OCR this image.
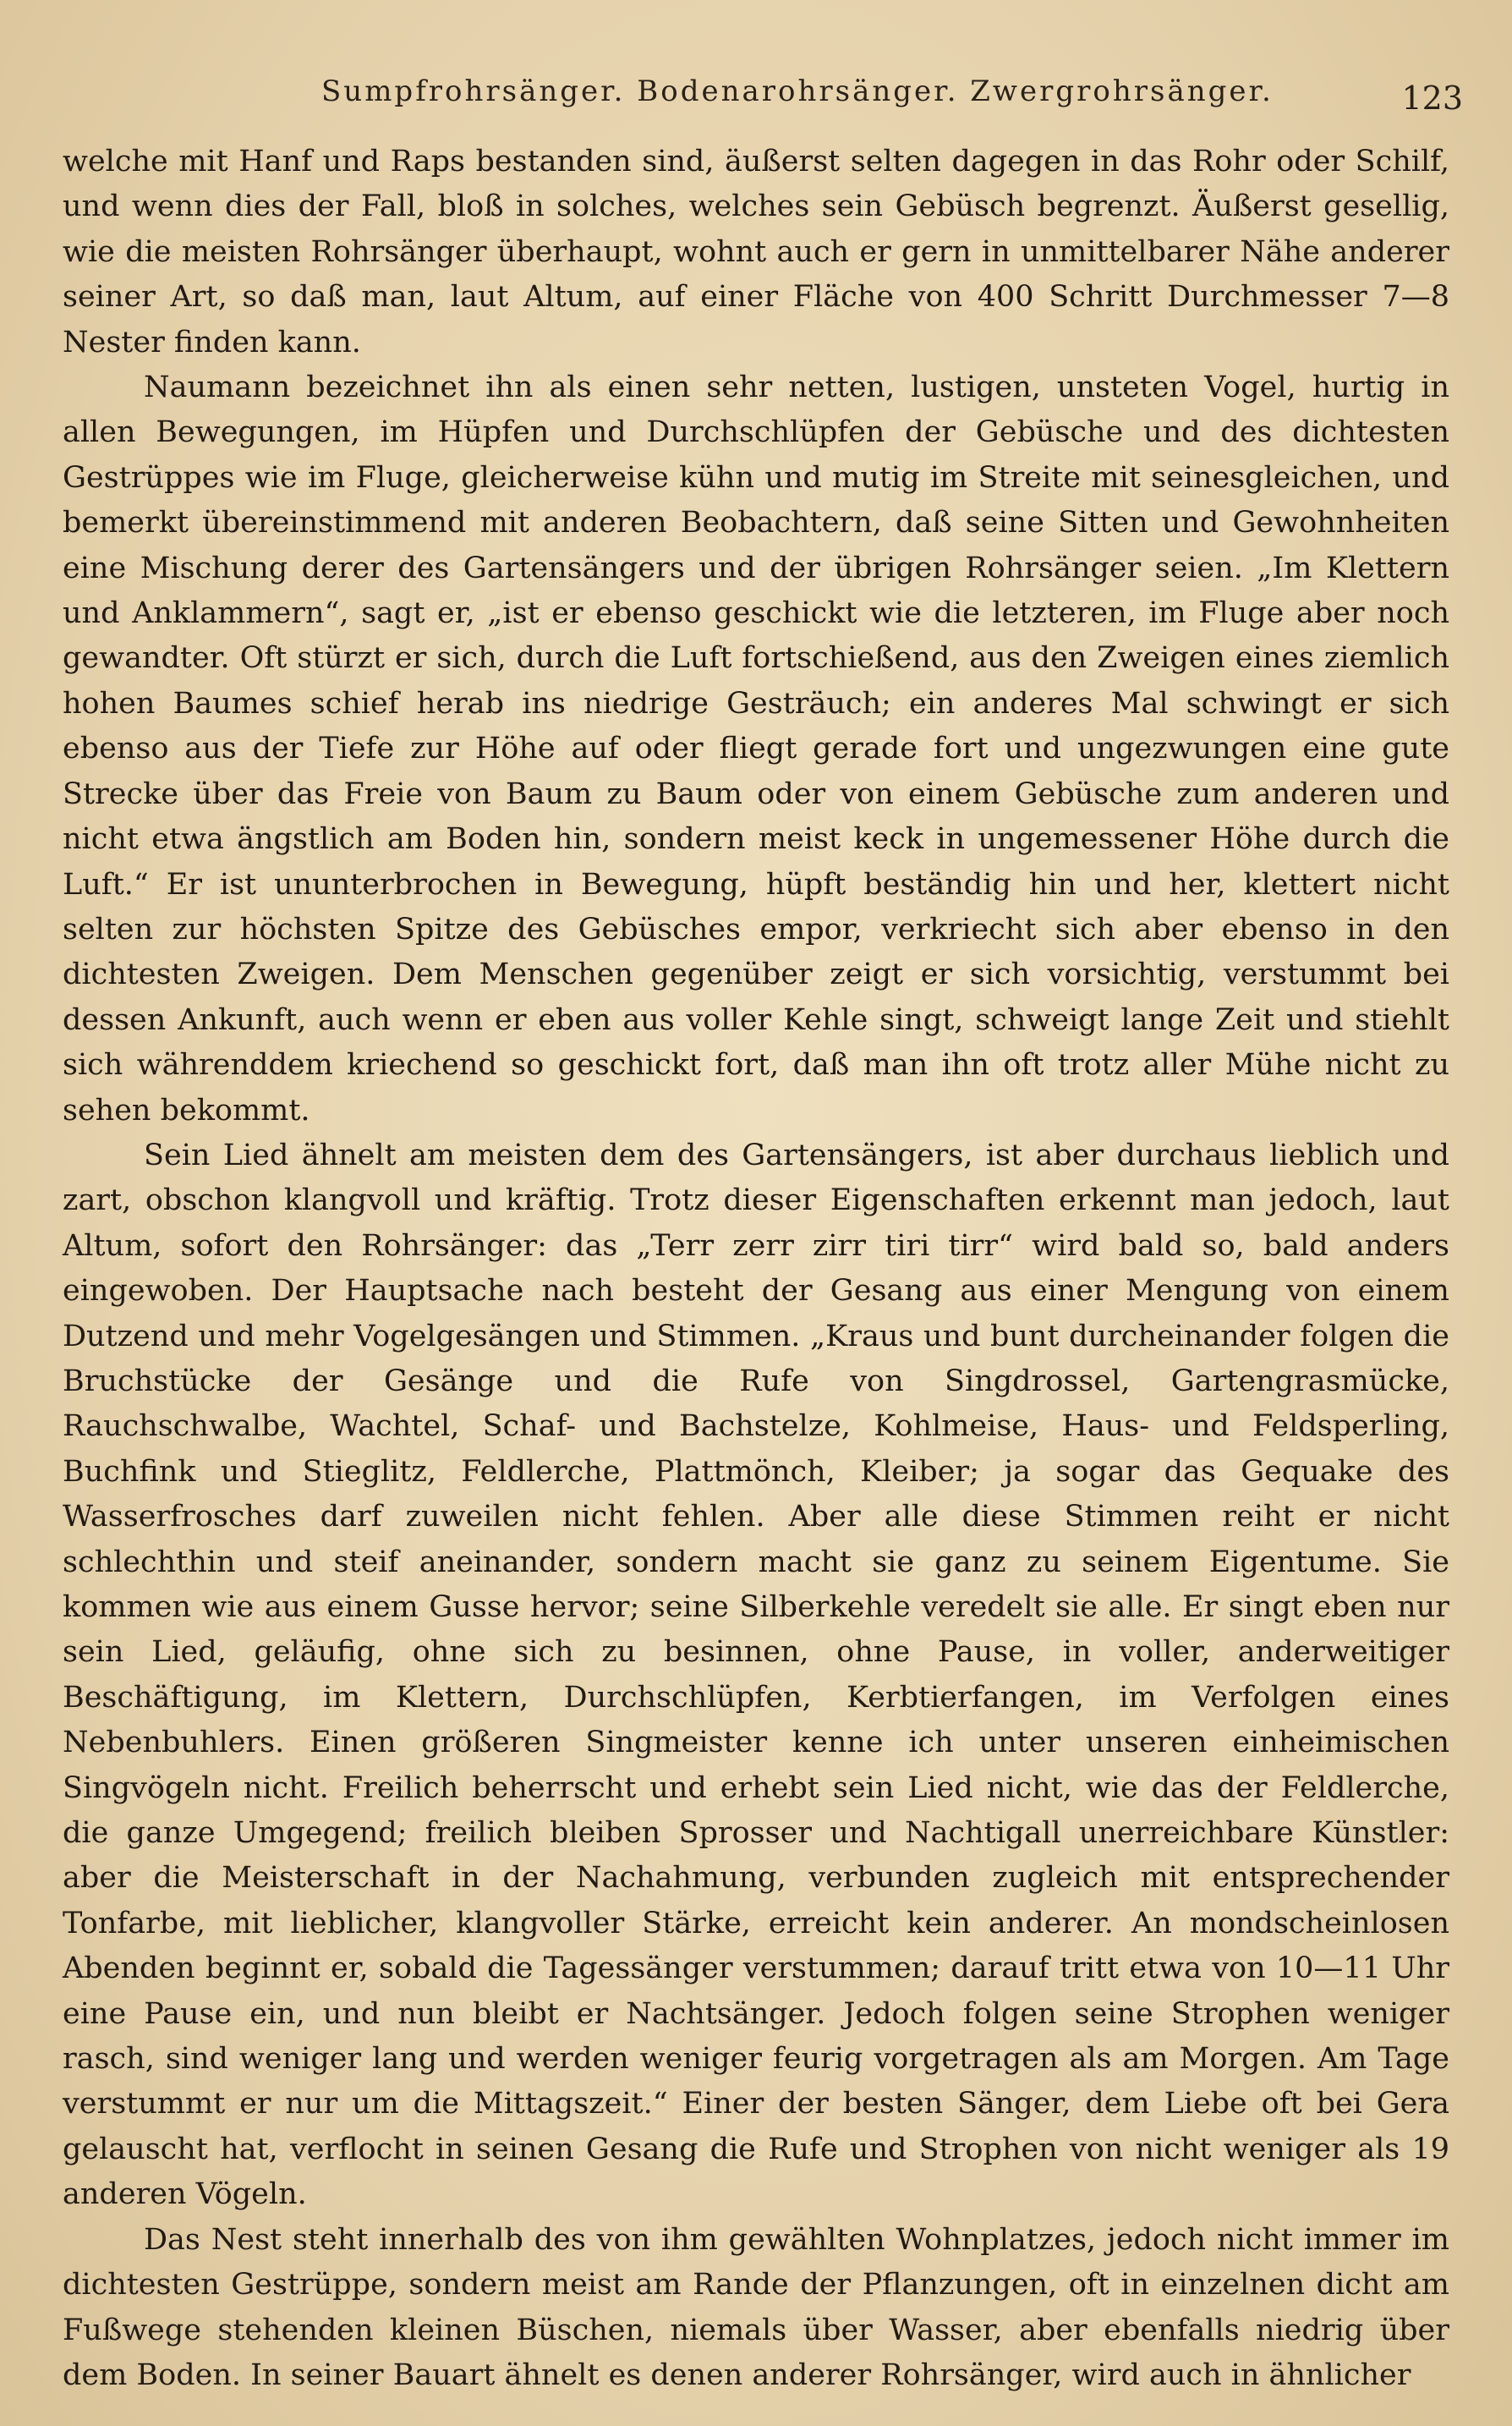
Sumpfrohrsänger. Bodenarohrsänger. Zwergrohrsänger.	123

welche mit Hanf und Raps bestanden sind, äußerst selten dagegen in das Rohr oder Schilf, und wenn dies der Fall, bloß in solches, welches sein Gebüsch begrenzt. Äußerst gesellig, wie die meisten Rohrsänger überhaupt, wohnt auch er gern in unmittelbarer Nähe anderer seiner Art, so daß man, laut Altum, auf einer Fläche von 400 Schritt Durchmesser 7—8 Nester finden kann.

Naumann bezeichnet ihn als einen sehr netten, lustigen, unsteten Vogel, hurtig in allen Bewegungen, im Hüpfen und Durchschlüpfen der Gebüsche und des dichtesten Gestrüppes wie im Fluge, gleicherweise kühn und mutig im Streite mit seinesgleichen, und bemerkt übereinstimmend mit anderen Beobachtern, daß seine Sitten und Gewohnheiten eine Mischung derer des Gartensängers und der übrigen Rohrsänger seien. „Im Klettern und Anklammern“, sagt er, „ist er ebenso geschickt wie die letzteren, im Fluge aber noch gewandter. Oft stürzt er sich, durch die Luft fortschießend, aus den Zweigen eines ziemlich hohen Baumes schief herab ins niedrige Gesträuch; ein anderes Mal schwingt er sich ebenso aus der Tiefe zur Höhe auf oder fliegt gerade fort und ungezwungen eine gute Strecke über das Freie von Baum zu Baum oder von einem Gebüsche zum anderen und nicht etwa ängstlich am Boden hin, sondern meist keck in ungemessener Höhe durch die Luft.“ Er ist ununterbrochen in Bewegung, hüpft beständig hin und her, klettert nicht selten zur höchsten Spitze des Gebüsches empor, verkriecht sich aber ebenso in den dichtesten Zweigen. Dem Menschen gegenüber zeigt er sich vorsichtig, verstummt bei dessen Ankunft, auch wenn er eben aus voller Kehle singt, schweigt lange Zeit und stiehlt sich währenddem kriechend so geschickt fort, daß man ihn oft trotz aller Mühe nicht zu sehen bekommt.

Sein Lied ähnelt am meisten dem des Gartensängers, ist aber durchaus lieblich und zart, obschon klangvoll und kräftig. Trotz dieser Eigenschaften erkennt man jedoch, laut Altum, sofort den Rohrsänger: das „Terr zerr zirr tiri tirr“ wird bald so, bald anders eingewoben. Der Hauptsache nach besteht der Gesang aus einer Mengung von einem Dutzend und mehr Vogelgesängen und Stimmen. „Kraus und bunt durcheinander folgen die Bruchstücke der Gesänge und die Rufe von Singdrossel, Gartengrasmücke, Rauchschwalbe, Wachtel, Schaf- und Bachstelze, Kohlmeise, Haus- und Feldsperling, Buchfink und Stieglitz, Feldlerche, Plattmönch, Kleiber; ja sogar das Gequake des Wasserfrosches darf zuweilen nicht fehlen. Aber alle diese Stimmen reiht er nicht schlechthin und steif aneinander, sondern macht sie ganz zu seinem Eigentume. Sie kommen wie aus einem Gusse hervor; seine Silberkehle veredelt sie alle. Er singt eben nur sein Lied, geläufig, ohne sich zu besinnen, ohne Pause, in voller, anderweitiger Beschäftigung, im Klettern, Durchschlüpfen, Kerbtierfangen, im Verfolgen eines Nebenbuhlers. Einen größeren Singmeister kenne ich unter unseren einheimischen Singvögeln nicht. Freilich beherrscht und erhebt sein Lied nicht, wie das der Feldlerche, die ganze Umgegend; freilich bleiben Sprosser und Nachtigall unerreichbare Künstler: aber die Meisterschaft in der Nachahmung, verbunden zugleich mit entsprechender Tonfarbe, mit lieblicher, klangvoller Stärke, erreicht kein anderer. An mondscheinlosen Abenden beginnt er, sobald die Tagessänger verstummen; darauf tritt etwa von 10—11 Uhr eine Pause ein, und nun bleibt er Nachtsänger. Jedoch folgen seine Strophen weniger rasch, sind weniger lang und werden weniger feurig vorgetragen als am Morgen. Am Tage verstummt er nur um die Mittagszeit.“ Einer der besten Sänger, dem Liebe oft bei Gera gelauscht hat, verflocht in seinen Gesang die Rufe und Strophen von nicht weniger als 19 anderen Vögeln.

Das Nest steht innerhalb des von ihm gewählten Wohnplatzes, jedoch nicht immer im dichtesten Gestrüppe, sondern meist am Rande der Pflanzungen, oft in einzelnen dicht am Fußwege stehenden kleinen Büschen, niemals über Wasser, aber ebenfalls niedrig über dem Boden. In seiner Bauart ähnelt es denen anderer Rohrsänger, wird auch in ähnlicher
